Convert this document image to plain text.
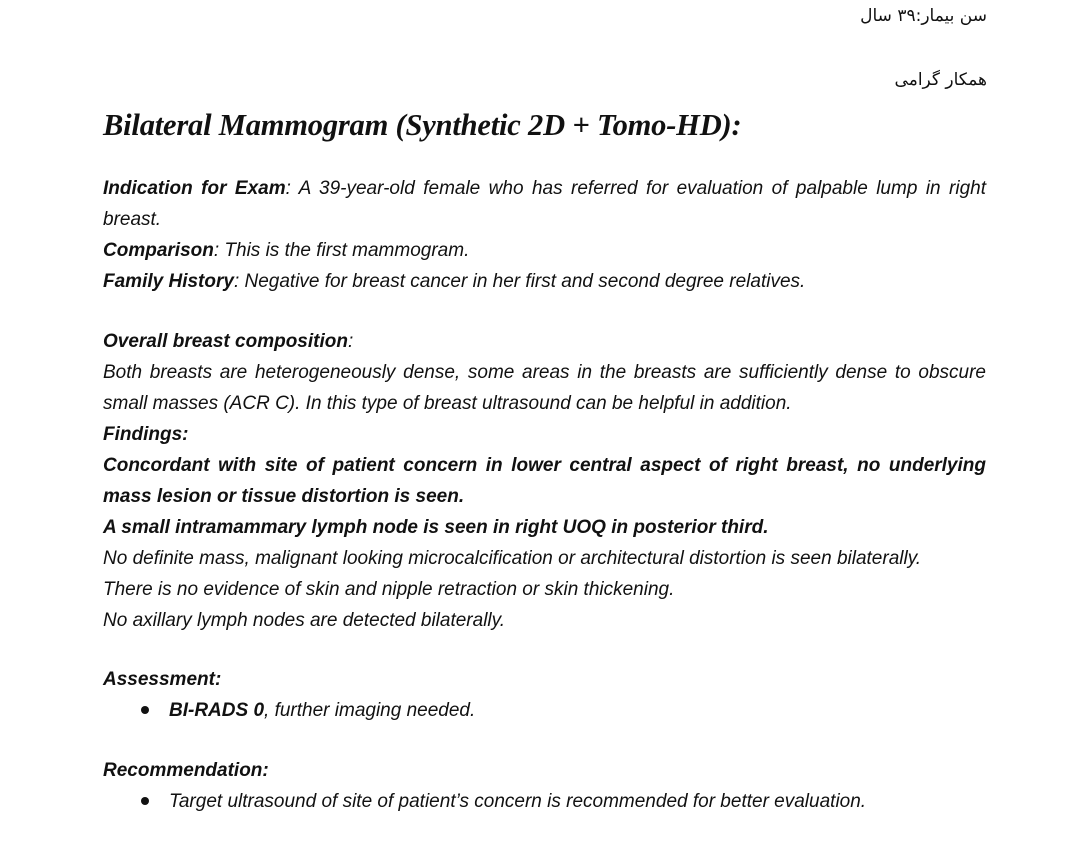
سن بیمار:۳۹ سال
همکار گرامی
Bilateral Mammogram (Synthetic 2D + Tomo-HD):

Indication for Exam: A 39-year-old female who has referred for evaluation of palpable lump in right breast.

Comparison: This is the first mammogram.

Family History: Negative for breast cancer in her first and second degree relatives.

Overall breast composition:

Both breasts are heterogeneously dense, some areas in the breasts are sufficiently dense to obscure small masses (ACR C). In this type of breast ultrasound can be helpful in addition.

Findings:

Concordant with site of patient concern in lower central aspect of right breast, no underlying mass lesion or tissue distortion is seen.

A small intramammary lymph node is seen in right UOQ in posterior third.

No definite mass, malignant looking microcalcification or architectural distortion is seen bilaterally.

There is no evidence of skin and nipple retraction or skin thickening.

No axillary lymph nodes are detected bilaterally.

Assessment:

BI-RADS 0, further imaging needed.

Recommendation:

Target ultrasound of site of patient’s concern is recommended for better evaluation.
